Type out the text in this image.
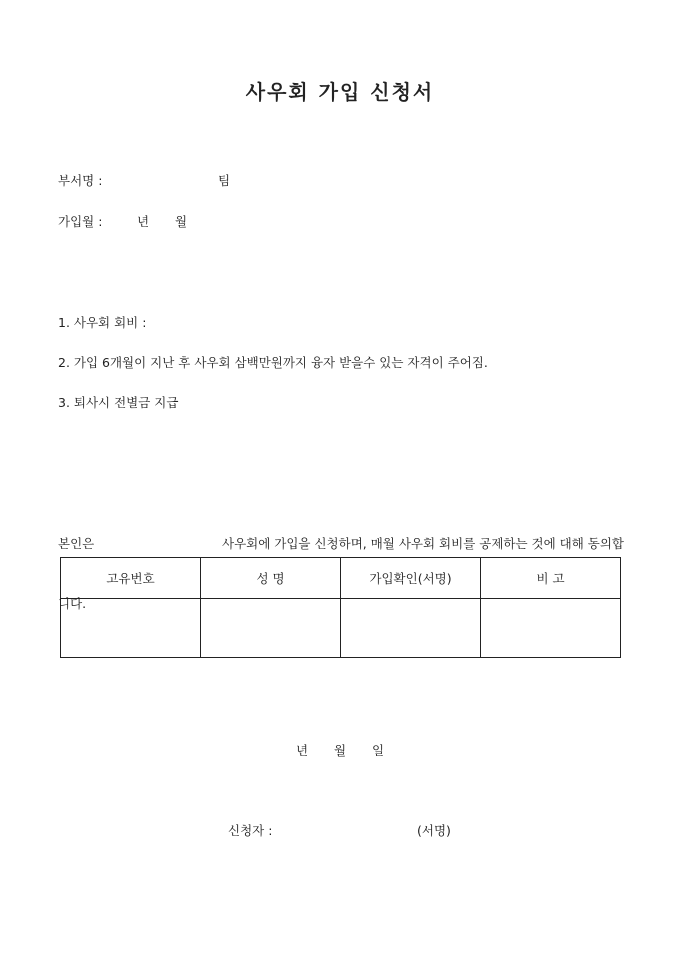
사우회 가입 신청서
부서명 :	팀
가입월 :	년 월
1. 사우회 회비 :
2. 가입 6개월이 지난 후 사우회 삼백만원까지 융자 받을수 있는 자격이 주어짐.
3. 퇴사시 전별금 지급

본인은	사우회에 가입을 신청하며, 매월 사우회 회비를 공제하는 것에 대해 동의합

니다.

고유번호	성 명	가입확인(서명)	비 고

년 월 일
신청자 :	(서명)
